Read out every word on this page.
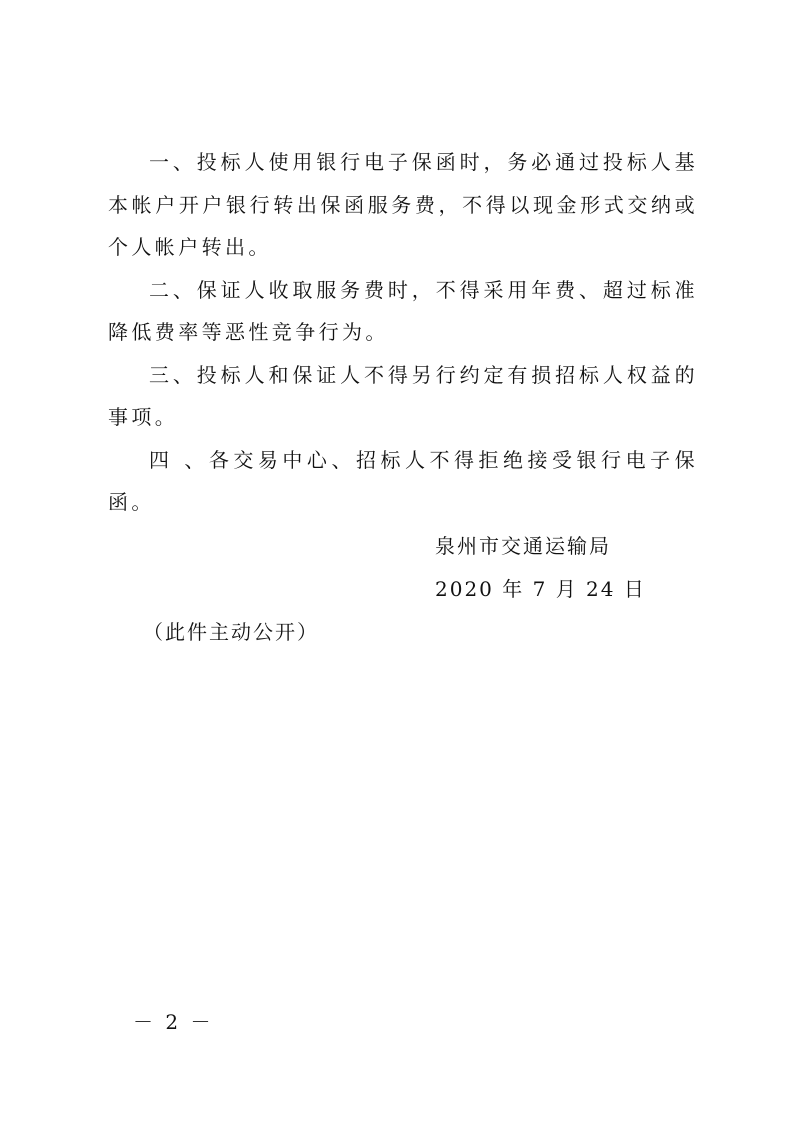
一、投标人使用银行电子保函时，务必通过投标人基本帐户开户银行转出保函服务费，不得以现金形式交纳或个人帐户转出。

二、保证人收取服务费时，不得采用年费、超过标准降低费率等恶性竞争行为。

三、投标人和保证人不得另行约定有损招标人权益的事项。

四 、各交易中心、招标人不得拒绝接受银行电子保函。

泉州市交通运输局
2020 年 7 月 24 日
（此件主动公开）
－ 2 －
